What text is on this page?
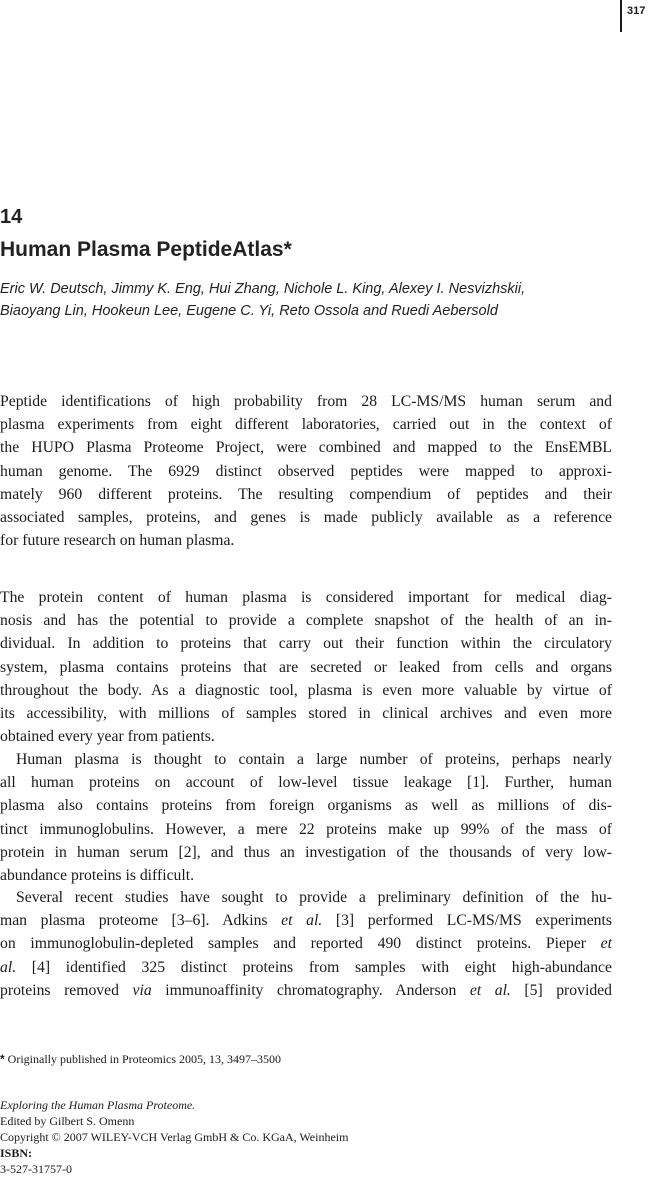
317
14
Human Plasma PeptideAtlas*
Eric W. Deutsch, Jimmy K. Eng, Hui Zhang, Nichole L. King, Alexey I. Nesvizhskii,
Biaoyang Lin, Hookeun Lee, Eugene C. Yi, Reto Ossola and Ruedi Aebersold
Peptide identifications of high probability from 28 LC-MS/MS human serum and
plasma experiments from eight different laboratories, carried out in the context of
the HUPO Plasma Proteome Project, were combined and mapped to the EnsEMBL
human genome. The 6929 distinct observed peptides were mapped to approxi-
mately 960 different proteins. The resulting compendium of peptides and their
associated samples, proteins, and genes is made publicly available as a reference
for future research on human plasma.
The protein content of human plasma is considered important for medical diag-
nosis and has the potential to provide a complete snapshot of the health of an in-
dividual. In addition to proteins that carry out their function within the circulatory
system, plasma contains proteins that are secreted or leaked from cells and organs
throughout the body. As a diagnostic tool, plasma is even more valuable by virtue of
its accessibility, with millions of samples stored in clinical archives and even more
obtained every year from patients.
Human plasma is thought to contain a large number of proteins, perhaps nearly
all human proteins on account of low-level tissue leakage [1]. Further, human
plasma also contains proteins from foreign organisms as well as millions of dis-
tinct immunoglobulins. However, a mere 22 proteins make up 99% of the mass of
protein in human serum [2], and thus an investigation of the thousands of very low-
abundance proteins is difficult.
Several recent studies have sought to provide a preliminary definition of the hu-
man plasma proteome [3–6]. Adkins et al. [3] performed LC-MS/MS experiments
on immunoglobulin-depleted samples and reported 490 distinct proteins. Pieper et
al. [4] identified 325 distinct proteins from samples with eight high-abundance
proteins removed via immunoaffinity chromatography. Anderson et al. [5] provided
* Originally published in Proteomics 2005, 13, 3497–3500
Exploring the Human Plasma Proteome.
Edited by Gilbert S. Omenn
Copyright © 2007 WILEY-VCH Verlag GmbH & Co. KGaA, Weinheim
ISBN:
3-527-31757-0
